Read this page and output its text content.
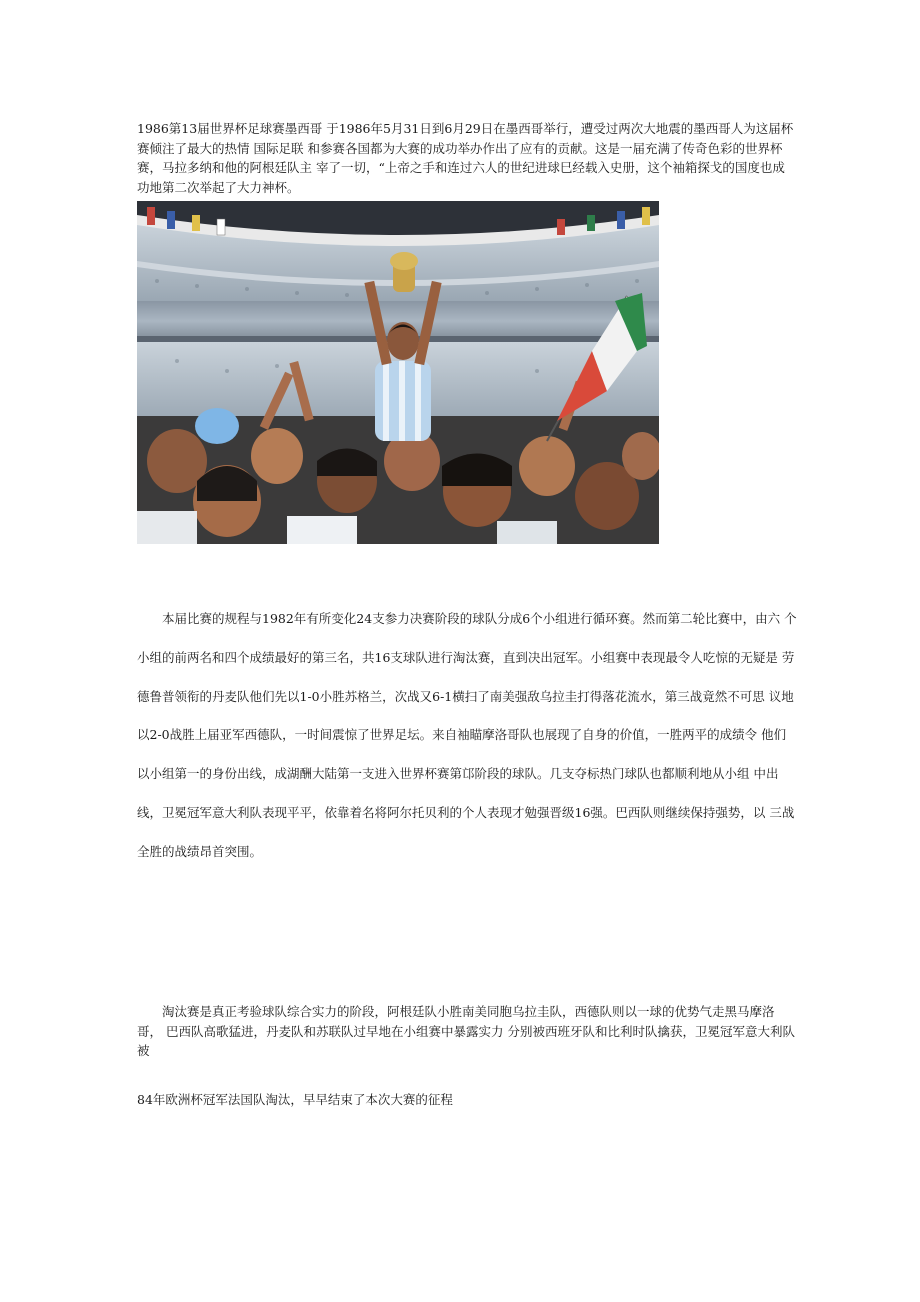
1986第13届世界杯足球赛墨西哥 于1986年5月31日到6月29日在墨西哥举行，遭受过两次大地震的墨西哥人为这届杯赛倾注了最大的热情 国际足联 和参赛各国都为大赛的成功举办作出了应有的贡献。这是一届充满了传奇色彩的世界杯赛，马拉多纳和他的阿根廷队主 宰了一切，“上帝之手和连过六人的世纪进球巳经载入史册，这个袖箱探戈的国度也成功地第二次举起了大力神杯。

本届比赛的规程与1982年有所变化24支参力决赛阶段的球队分成6个小组进行循环赛。然而第二轮比赛中，由六 个小组的前两名和四个成绩最好的第三名，共16支球队进行淘汰赛，直到决出冠军。小组赛中表现最令人吃惊的无疑是 劳德鲁普领衔的丹麦队他们先以1-0小胜苏格兰，次战又6-1横扫了南美强敌乌拉圭打得落花流水，第三战竟然不可思 议地以2-0战胜上届亚军西德队，一时间震惊了世界足坛。来自袖瞄摩洛哥队也展现了自身的价值，一胜两平的成绩令 他们以小组第一的身份出线，成湖酬大陆第一支进入世界杯赛第邙阶段的球队。几支夺标热门球队也都顺利地从小组 中出线，卫冕冠军意大利队表现平平，依靠着名将阿尔托贝利的个人表现才勉强晋级16强。巴西队则继续保持强势，以 三战全胜的战绩昂首突围。

淘汰赛是真正考验球队综合实力的阶段，阿根廷队小胜南美同胞乌拉圭队，西德队则以一球的优势气走黑马摩洛哥， 巴西队高歌猛进，丹麦队和苏联队过早地在小组赛中暴露实力 分别被西班牙队和比利时队擒获，卫冕冠军意大利队被

84年欧洲杯冠军法国队淘汰，早早结束了本次大赛的征程
